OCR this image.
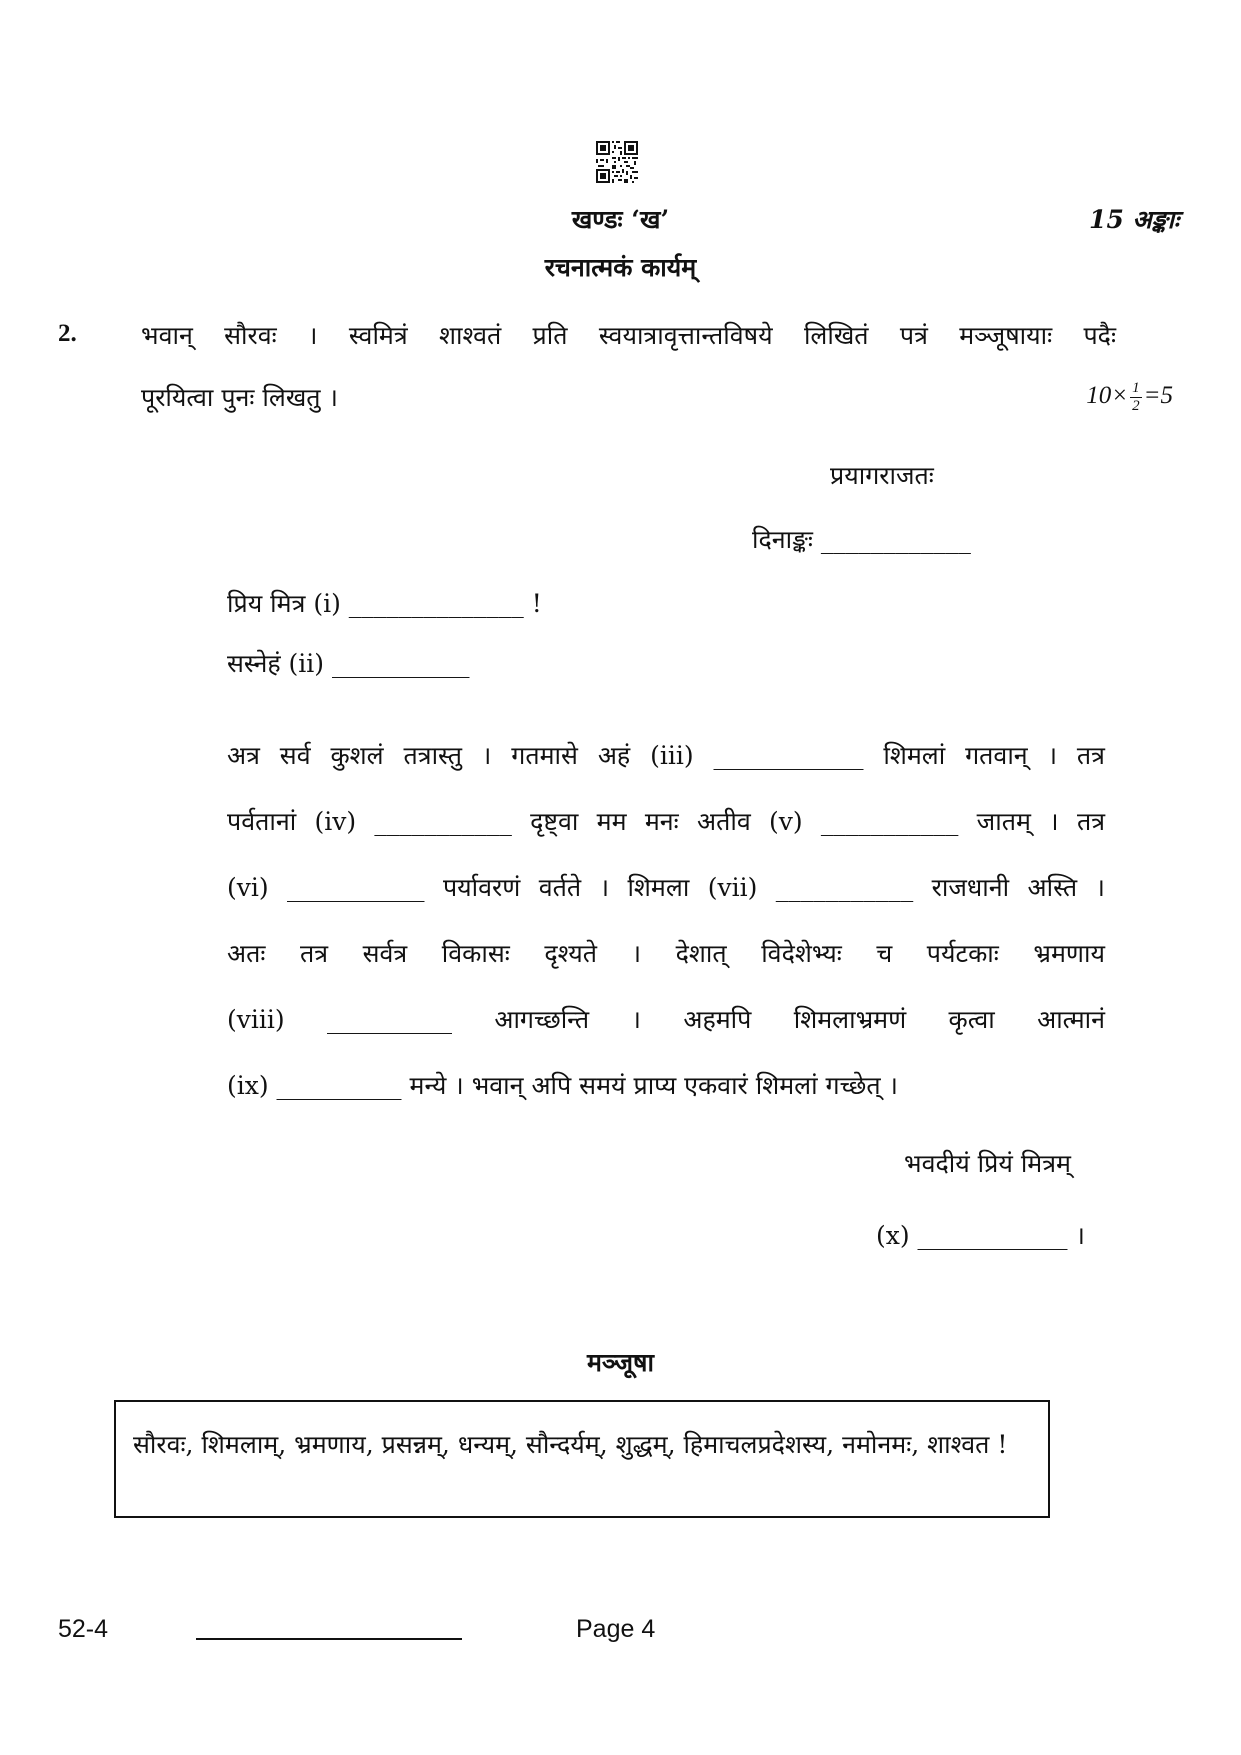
खण्डः ‘ख’	15 अङ्काः
रचनात्मकं कार्यम्
2.	भवान् सौरवः । स्वमित्रं शाश्वतं प्रति स्वयात्रावृत्तान्तविषये लिखितं पत्रं मञ्जूषायाः पदैः
पूरयित्वा पुनः लिखतु ।	$10\times \frac{1}{2} =5$
प्रयागराजतः
दिनाङ्कः ____________
प्रिय मित्र (i) ______________ !
सस्नेहं (ii) ___________
अत्र सर्व कुशलं तत्रास्तु । गतमासे अहं (iii) ____________ शिमलां गतवान् । तत्र
पर्वतानां (iv) ___________ दृष्ट्वा मम मनः अतीव (v) ___________ जातम् । तत्र
(vi) ___________ पर्यावरणं वर्तते । शिमला (vii) ___________ राजधानी अस्ति ।
अतः तत्र सर्वत्र विकासः दृश्यते । देशात् विदेशेभ्यः च पर्यटकाः भ्रमणाय
(viii) __________ आगच्छन्ति । अहमपि शिमलाभ्रमणं कृत्वा आत्मानं
(ix) __________ मन्ये । भवान् अपि समयं प्राप्य एकवारं शिमलां गच्छेत् ।
भवदीयं प्रियं मित्रम्
(x) ____________ ।
मञ्जूषा
सौरवः, शिमलाम्, भ्रमणाय, प्रसन्नम्, धन्यम्, सौन्दर्यम्, शुद्धम्, हिमाचलप्रदेशस्य, नमोनमः, शाश्वत !
52-4	Page 4
